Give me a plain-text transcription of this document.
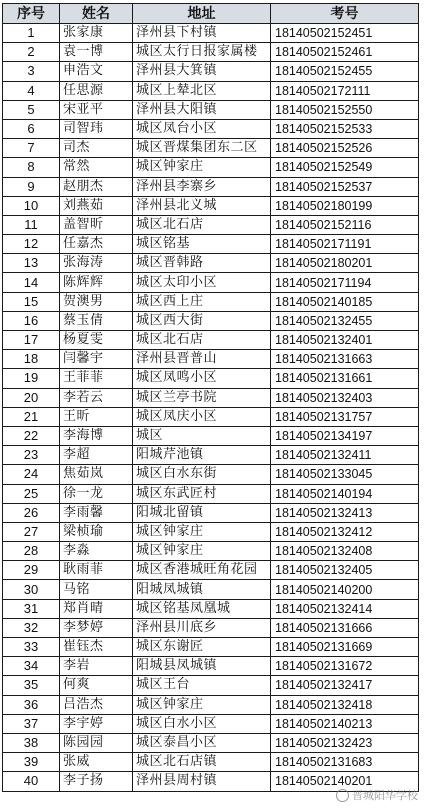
序号	姓名	地址	考号
1	张家康	泽州县下村镇	18140502152451
2	袁一博	城区太行日报家属楼	18140502152461
3	申浩文	泽州县大箕镇	18140502152455
4	任思源	城区上辇北区	18140502172111
5	宋亚平	泽州县大阳镇	18140502152550
6	司智玮	城区凤台小区	18140502152533
7	司杰	城区晋煤集团东二区	18140502152526
8	常然	城区钟家庄	18140502152549
9	赵朋杰	泽州县李寨乡	18140502152537
10	刘燕茹	泽州县北义城	18140502180199
11	盖智昕	城区北石店	18140502152116
12	任嘉杰	城区铭基	18140502171191
13	张海涛	城区晋韩路	18140502180201
14	陈辉辉	城区太印小区	18140502171194
15	贺澳男	城区西上庄	18140502140185
16	蔡玉倩	城区西大街	18140502132455
17	杨夏雯	城区北石店	18140502132401
18	闫馨宇	泽州县晋普山	18140502131663
19	王菲菲	城区凤鸣小区	18140502131661
20	李若云	城区兰亭书院	18140502132403
21	王昕	城区凤庆小区	18140502131757
22	李海博	城区	18140502134197
23	李超	阳城芹池镇	18140502132411
24	焦茹岚	城区白水东街	18140502133045
25	徐一龙	城区东武匠村	18140502140194
26	李雨馨	阳城北留镇	18140502132413
27	梁桢瑜	城区钟家庄	18140502132412
28	李淼	城区钟家庄	18140502132408
29	耿雨菲	城区香港城旺角花园	18140502132405
30	马铭	阳城凤城镇	18140502140200
31	郑肖晴	城区铭基凤凰城	18140502132414
32	李梦婷	泽州县川底乡	18140502131666
33	崔钰杰	城区东谢匠	18140502131669
34	李岩	阳城县凤城镇	18140502131672
35	何爽	城区王台	18140502132417
36	吕浩杰	城区钟家庄	18140502132418
37	李宇婷	城区白水小区	18140502140213
38	陈园园	城区泰昌小区	18140502132423
39	张威	城区北石店镇	18140502131683
40	李子扬	泽州县周村镇	18140502140201
晋城阳华学校
